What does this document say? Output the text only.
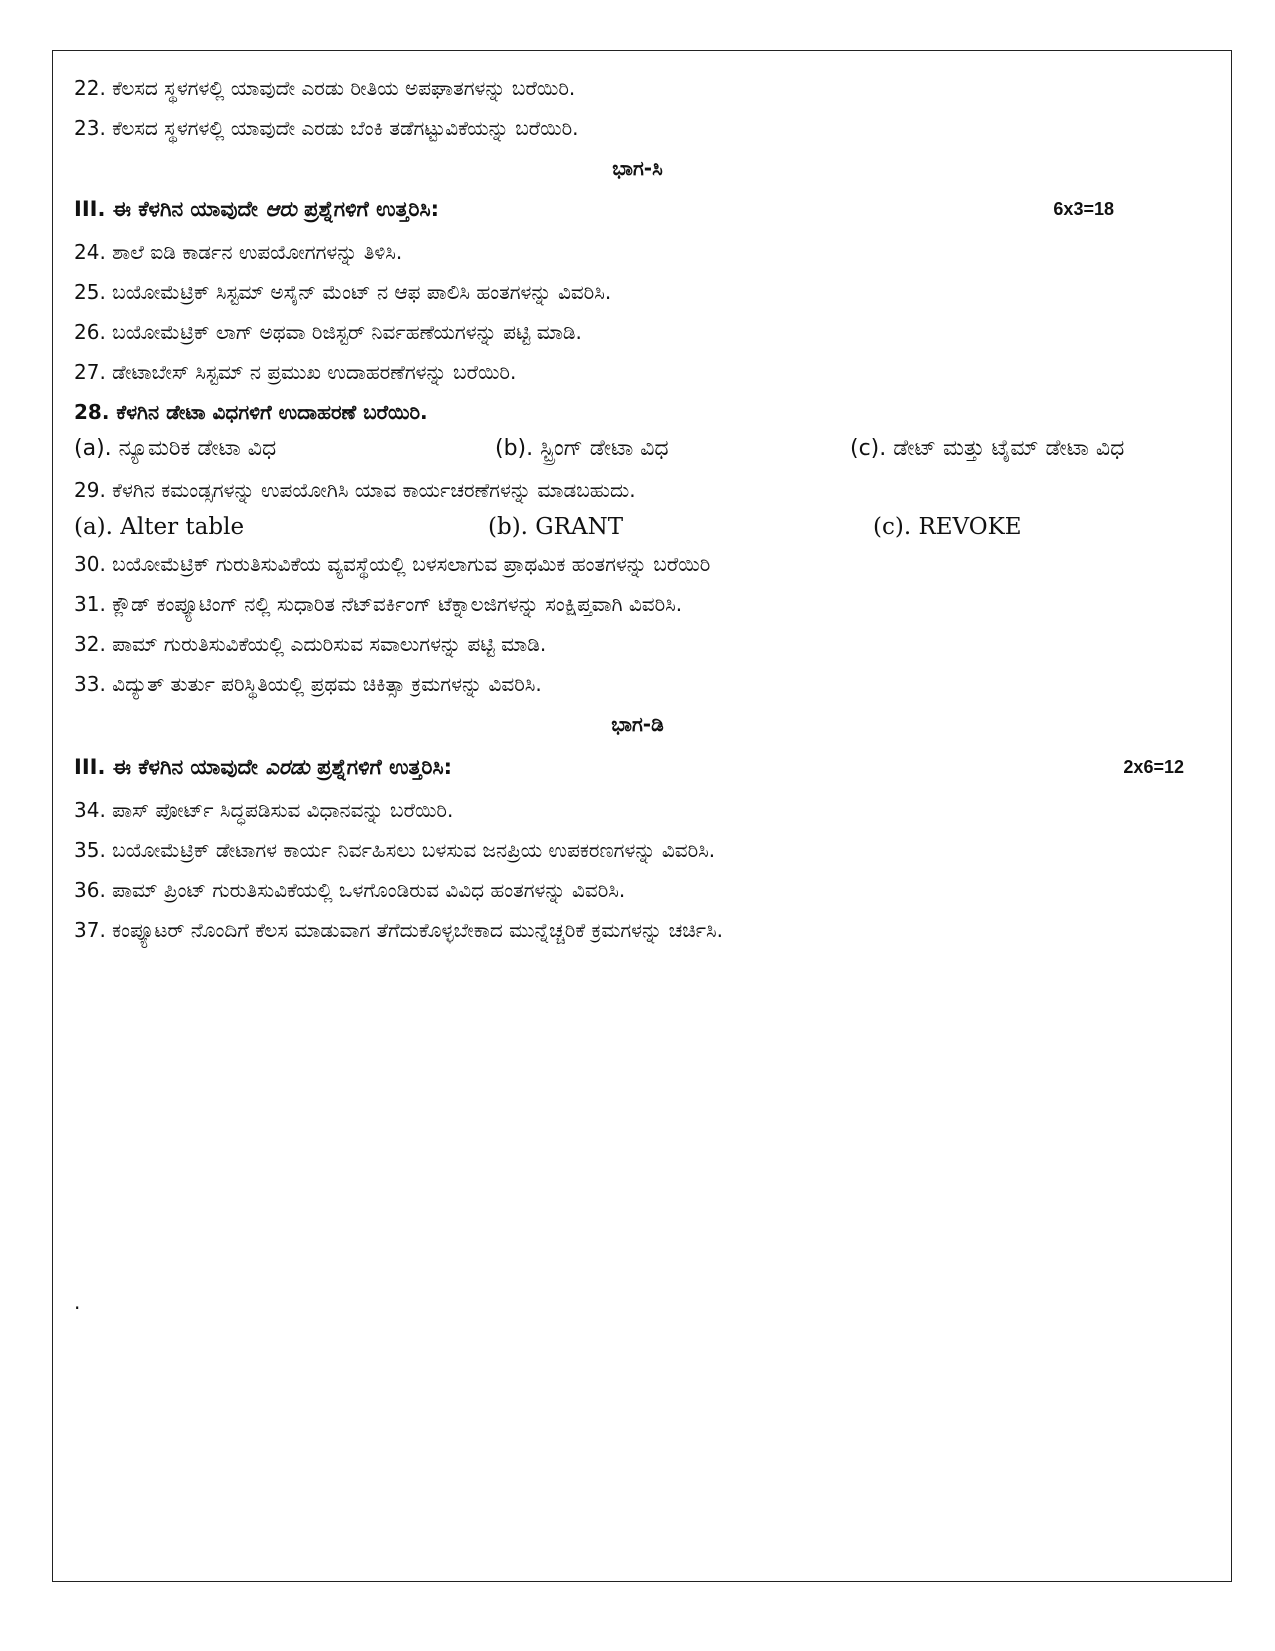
22. ಕೆಲಸದ ಸ್ಥಳಗಳಲ್ಲಿ ಯಾವುದೇ ಎರಡು ರೀತಿಯ ಅಪಘಾತಗಳನ್ನು ಬರೆಯಿರಿ.
23. ಕೆಲಸದ ಸ್ಥಳಗಳಲ್ಲಿ ಯಾವುದೇ ಎರಡು ಬೆಂಕಿ ತಡೆಗಟ್ಟುವಿಕೆಯನ್ನು ಬರೆಯಿರಿ.
ಭಾಗ-ಸಿ
III. ಈ ಕೆಳಗಿನ ಯಾವುದೇ ಆರು ಪ್ರಶ್ನೆಗಳಿಗೆ ಉತ್ತರಿಸಿ:	6x3=18
24. ಶಾಲೆ ಐಡಿ ಕಾರ್ಡನ ಉಪಯೋಗಗಳನ್ನು ತಿಳಿಸಿ.
25. ಬಯೋಮೆಟ್ರಿಕ್ ಸಿಸ್ಟಮ್ ಅಸೈನ್ ಮೆಂಟ್ ನ ಆಫ ಪಾಲಿಸಿ ಹಂತಗಳನ್ನು ವಿವರಿಸಿ.
26. ಬಯೋಮೆಟ್ರಿಕ್ ಲಾಗ್ ಅಥವಾ ರಿಜಿಸ್ಟರ್ ನಿರ್ವಹಣೆಯಗಳನ್ನು ಪಟ್ಟಿ ಮಾಡಿ.
27. ಡೇಟಾಬೇಸ್ ಸಿಸ್ಟಮ್ ನ ಪ್ರಮುಖ ಉದಾಹರಣೆಗಳನ್ನು ಬರೆಯಿರಿ.
28. ಕೆಳಗಿನ ಡೇಟಾ ವಿಧಗಳಿಗೆ ಉದಾಹರಣೆ ಬರೆಯಿರಿ.
(a). ನ್ಯೂಮರಿಕ ಡೇಟಾ ವಿಧ	(b). ಸ್ಟ್ರಿಂಗ್ ಡೇಟಾ ವಿಧ	(c). ಡೇಟ್ ಮತ್ತು ಟೈಮ್ ಡೇಟಾ ವಿಧ
29. ಕೆಳಗಿನ ಕಮಂಡ್ಸಗಳನ್ನು ಉಪಯೋಗಿಸಿ ಯಾವ ಕಾರ್ಯಚರಣೆಗಳನ್ನು ಮಾಡಬಹುದು.
(a). Alter table	(b). GRANT	(c). REVOKE
30. ಬಯೋಮೆಟ್ರಿಕ್ ಗುರುತಿಸುವಿಕೆಯ ವ್ಯವಸ್ಥೆಯಲ್ಲಿ ಬಳಸಲಾಗುವ ಪ್ರಾಥಮಿಕ ಹಂತಗಳನ್ನು ಬರೆಯಿರಿ
31. ಕ್ಲೌಡ್ ಕಂಪ್ಯೂಟಿಂಗ್ ನಲ್ಲಿ ಸುಧಾರಿತ ನೆಟ್‌ವರ್ಕಿಂಗ್ ಟೆಕ್ನಾಲಜಿಗಳನ್ನು ಸಂಕ್ಷಿಪ್ತವಾಗಿ ವಿವರಿಸಿ.
32. ಪಾಮ್ ಗುರುತಿಸುವಿಕೆಯಲ್ಲಿ ಎದುರಿಸುವ ಸವಾಲುಗಳನ್ನು ಪಟ್ಟಿ ಮಾಡಿ.
33. ವಿದ್ಯುತ್ ತುರ್ತು ಪರಿಸ್ಥಿತಿಯಲ್ಲಿ ಪ್ರಥಮ ಚಿಕಿತ್ಸಾ ಕ್ರಮಗಳನ್ನು ವಿವರಿಸಿ.
ಭಾಗ-ಡಿ
III. ಈ ಕೆಳಗಿನ ಯಾವುದೇ ಎರಡು ಪ್ರಶ್ನೆಗಳಿಗೆ ಉತ್ತರಿಸಿ:	2x6=12
34. ಪಾಸ್ ಪೋರ್ಟ್ ಸಿದ್ಧಪಡಿಸುವ ವಿಧಾನವನ್ನು ಬರೆಯಿರಿ.
35. ಬಯೋಮೆಟ್ರಿಕ್ ಡೇಟಾಗಳ ಕಾರ್ಯ ನಿರ್ವಹಿಸಲು ಬಳಸುವ ಜನಪ್ರಿಯ ಉಪಕರಣಗಳನ್ನು ವಿವರಿಸಿ.
36. ಪಾಮ್ ಪ್ರಿಂಟ್ ಗುರುತಿಸುವಿಕೆಯಲ್ಲಿ ಒಳಗೊಂಡಿರುವ ವಿವಿಧ ಹಂತಗಳನ್ನು ವಿವರಿಸಿ.
37. ಕಂಪ್ಯೂಟರ್ ನೊಂದಿಗೆ ಕೆಲಸ ಮಾಡುವಾಗ ತೆಗೆದುಕೊಳ್ಳಬೇಕಾದ ಮುನ್ನೆಚ್ಚರಿಕೆ ಕ್ರಮಗಳನ್ನು ಚರ್ಚಿಸಿ.
.
